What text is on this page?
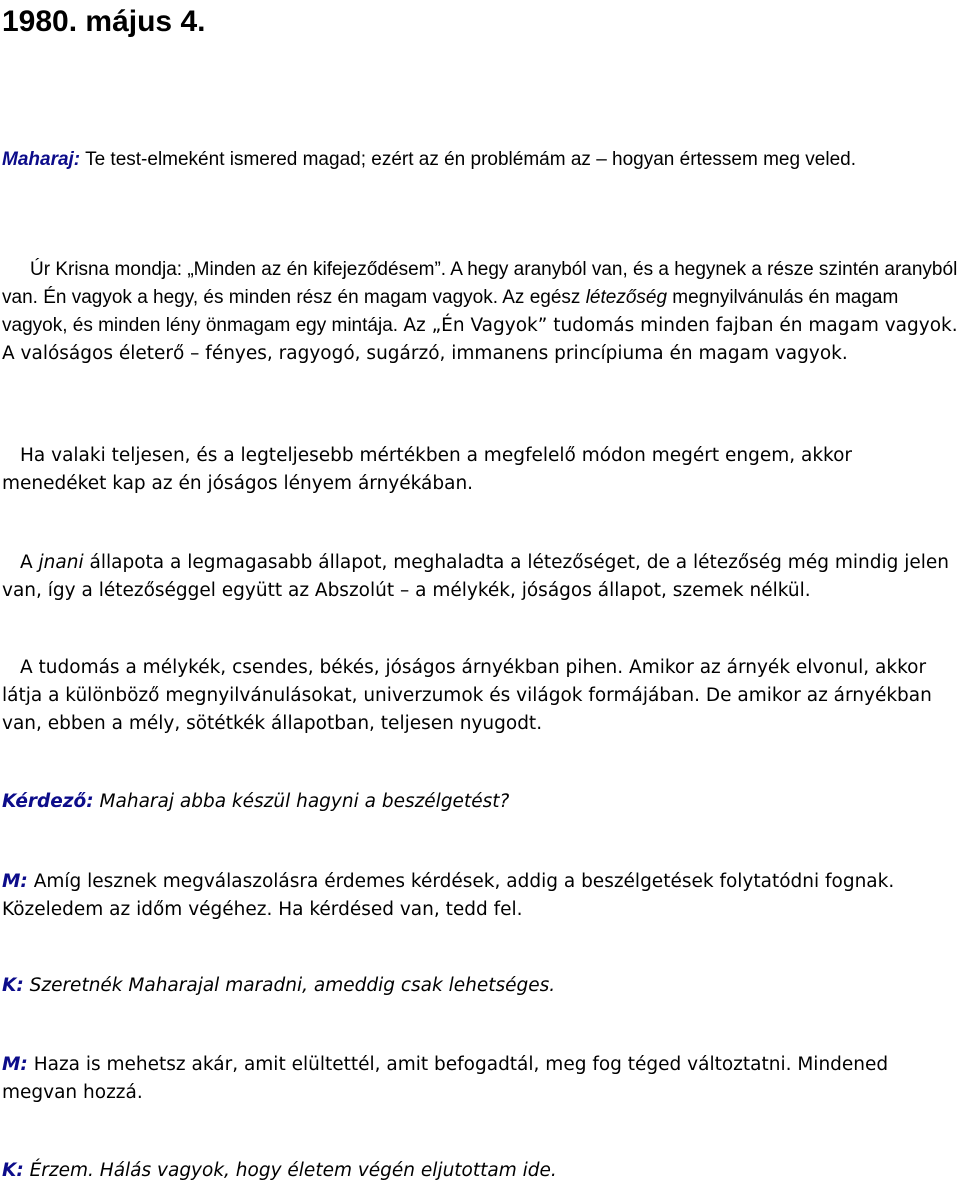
1980. május 4.

Maharaj: Te test-elmeként ismered magad; ezért az én problémám az – hogyan értessem meg veled.

Úr Krisna mondja: „Minden az én kifejeződésem”. A hegy aranyból van, és a hegynek a része szintén aranyból van. Én vagyok a hegy, és minden rész én magam vagyok. Az egész létezőség megnyilvánulás én magam vagyok, és minden lény önmagam egy mintája. Az „Én Vagyok” tudomás minden fajban én magam vagyok. A valóságos életerő – fényes, ragyogó, sugárzó, immanens princípiuma én magam vagyok.

Ha valaki teljesen, és a legteljesebb mértékben a megfelelő módon megért engem, akkor menedéket kap az én jóságos lényem árnyékában.

A jnani állapota a legmagasabb állapot, meghaladta a létezőséget, de a létezőség még mindig jelen van, így a létezőséggel együtt az Abszolút – a mélykék, jóságos állapot, szemek nélkül.

A tudomás a mélykék, csendes, békés, jóságos árnyékban pihen. Amikor az árnyék elvonul, akkor látja a különböző megnyilvánulásokat, univerzumok és világok formájában. De amikor az árnyékban van, ebben a mély, sötétkék állapotban, teljesen nyugodt.

Kérdező: Maharaj abba készül hagyni a beszélgetést?

M: Amíg lesznek megválaszolásra érdemes kérdések, addig a beszélgetések folytatódni fognak. Közeledem az időm végéhez. Ha kérdésed van, tedd fel.

K: Szeretnék Maharajal maradni, ameddig csak lehetséges.

M: Haza is mehetsz akár, amit elültettél, amit befogadtál, meg fog téged változtatni. Mindened megvan hozzá.

K: Érzem. Hálás vagyok, hogy életem végén eljutottam ide.
